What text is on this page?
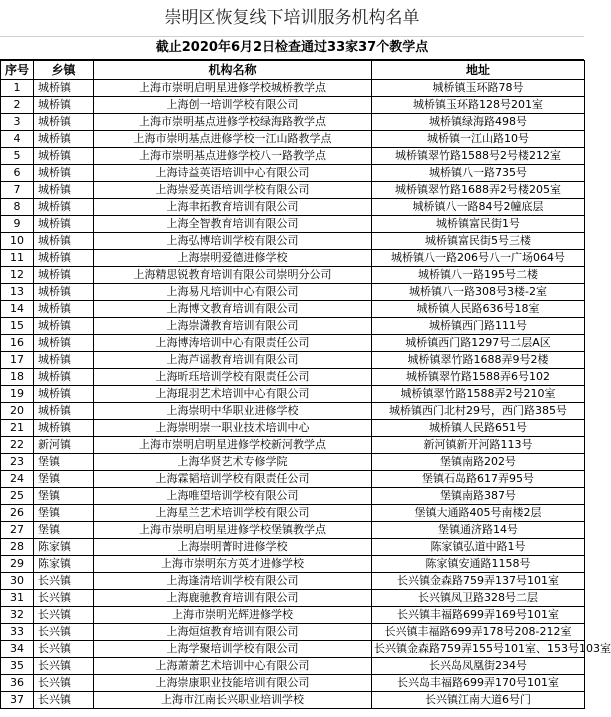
崇明区恢复线下培训服务机构名单
截止2020年6月2日检查通过33家37个教学点
序号	乡镇	机构名称	地址
1	城桥镇	上海市崇明启明星进修学校城桥教学点	城桥镇玉环路78号
2	城桥镇	上海创一培训学校有限公司	城桥镇玉环路128号201室
3	城桥镇	上海市崇明基点进修学校绿海路教学点	城桥镇绿海路498号
4	城桥镇	上海市崇明基点进修学校一江山路教学点	城桥镇一江山路10号
5	城桥镇	上海市崇明基点进修学校八一路教学点	城桥镇翠竹路1588号2号楼212室
6	城桥镇	上海诗益英语培训中心有限公司	城桥镇八一路735号
7	城桥镇	上海崇爱英语培训学校有限公司	城桥镇翠竹路1688弄2号楼205室
8	城桥镇	上海聿拓教育培训有限公司	城桥镇八一路84号2幢底层
9	城桥镇	上海全智教育培训有限公司	城桥镇富民街1号
10	城桥镇	上海弘博培训学校有限公司	城桥镇富民街5号三楼
11	城桥镇	上海崇明爱德进修学校	城桥镇八一路206号八一广场064号
12	城桥镇	上海精思锐教育培训有限公司崇明分公司	城桥镇八一路195号二楼
13	城桥镇	上海易凡培训中心有限公司	城桥镇八一路308号3楼-2室
14	城桥镇	上海博文教育培训有限公司	城桥镇人民路636号18室
15	城桥镇	上海崇潇教育培训有限公司	城桥镇西门路111号
16	城桥镇	上海博涛培训中心有限责任公司	城桥镇西门路1297号二层A区
17	城桥镇	上海芦谣教育培训有限公司	城桥镇翠竹路1688弄9号2楼
18	城桥镇	上海昕珏培训学校有限责任公司	城桥镇翠竹路1588弄6号102
19	城桥镇	上海琨羽艺术培训中心有限公司	城桥镇翠竹路1588弄2号210室
20	城桥镇	上海崇明中华职业进修学校	城桥镇西门北村29号，西门路385号
21	城桥镇	上海崇明崇一职业技术培训中心	城桥镇人民路651号
22	新河镇	上海市崇明启明星进修学校新河教学点	新河镇新开河路113号
23	堡镇	上海华贤艺术专修学院	堡镇南路202号
24	堡镇	上海霖韬培训学校有限责任公司	堡镇石岛路617弄95号
25	堡镇	上海唯望培训学校有限公司	堡镇南路387号
26	堡镇	上海星兰艺术培训学校有限公司	堡镇大通路405号南楼2层
27	堡镇	上海市崇明启明星进修学校堡镇教学点	堡镇通济路14号
28	陈家镇	上海崇明菁时进修学校	陈家镇弘道中路1号
29	陈家镇	上海市崇明东方英才进修学校	陈家镇安通路1158号
30	长兴镇	上海逢清培训学校有限公司	长兴镇金森路759弄137号101室
31	长兴镇	上海鹿驰教育培训有限公司	长兴镇凤卫路328号二层
32	长兴镇	上海市崇明光辉进修学校	长兴镇丰福路699弄169号101室
33	长兴镇	上海烜煊教育培训有限公司	长兴镇丰福路699弄178号208-212室
34	长兴镇	上海学聚培训学校有限公司	长兴镇金森路759弄155号101室、153号103室
35	长兴镇	上海萧萧艺术培训中心有限公司	长兴岛凤凰街234号
36	长兴镇	上海崇康职业技能培训有限公司	长兴岛丰福路699弄170号101室
37	长兴镇	上海市江南长兴职业培训学校	长兴镇江南大道6号门
